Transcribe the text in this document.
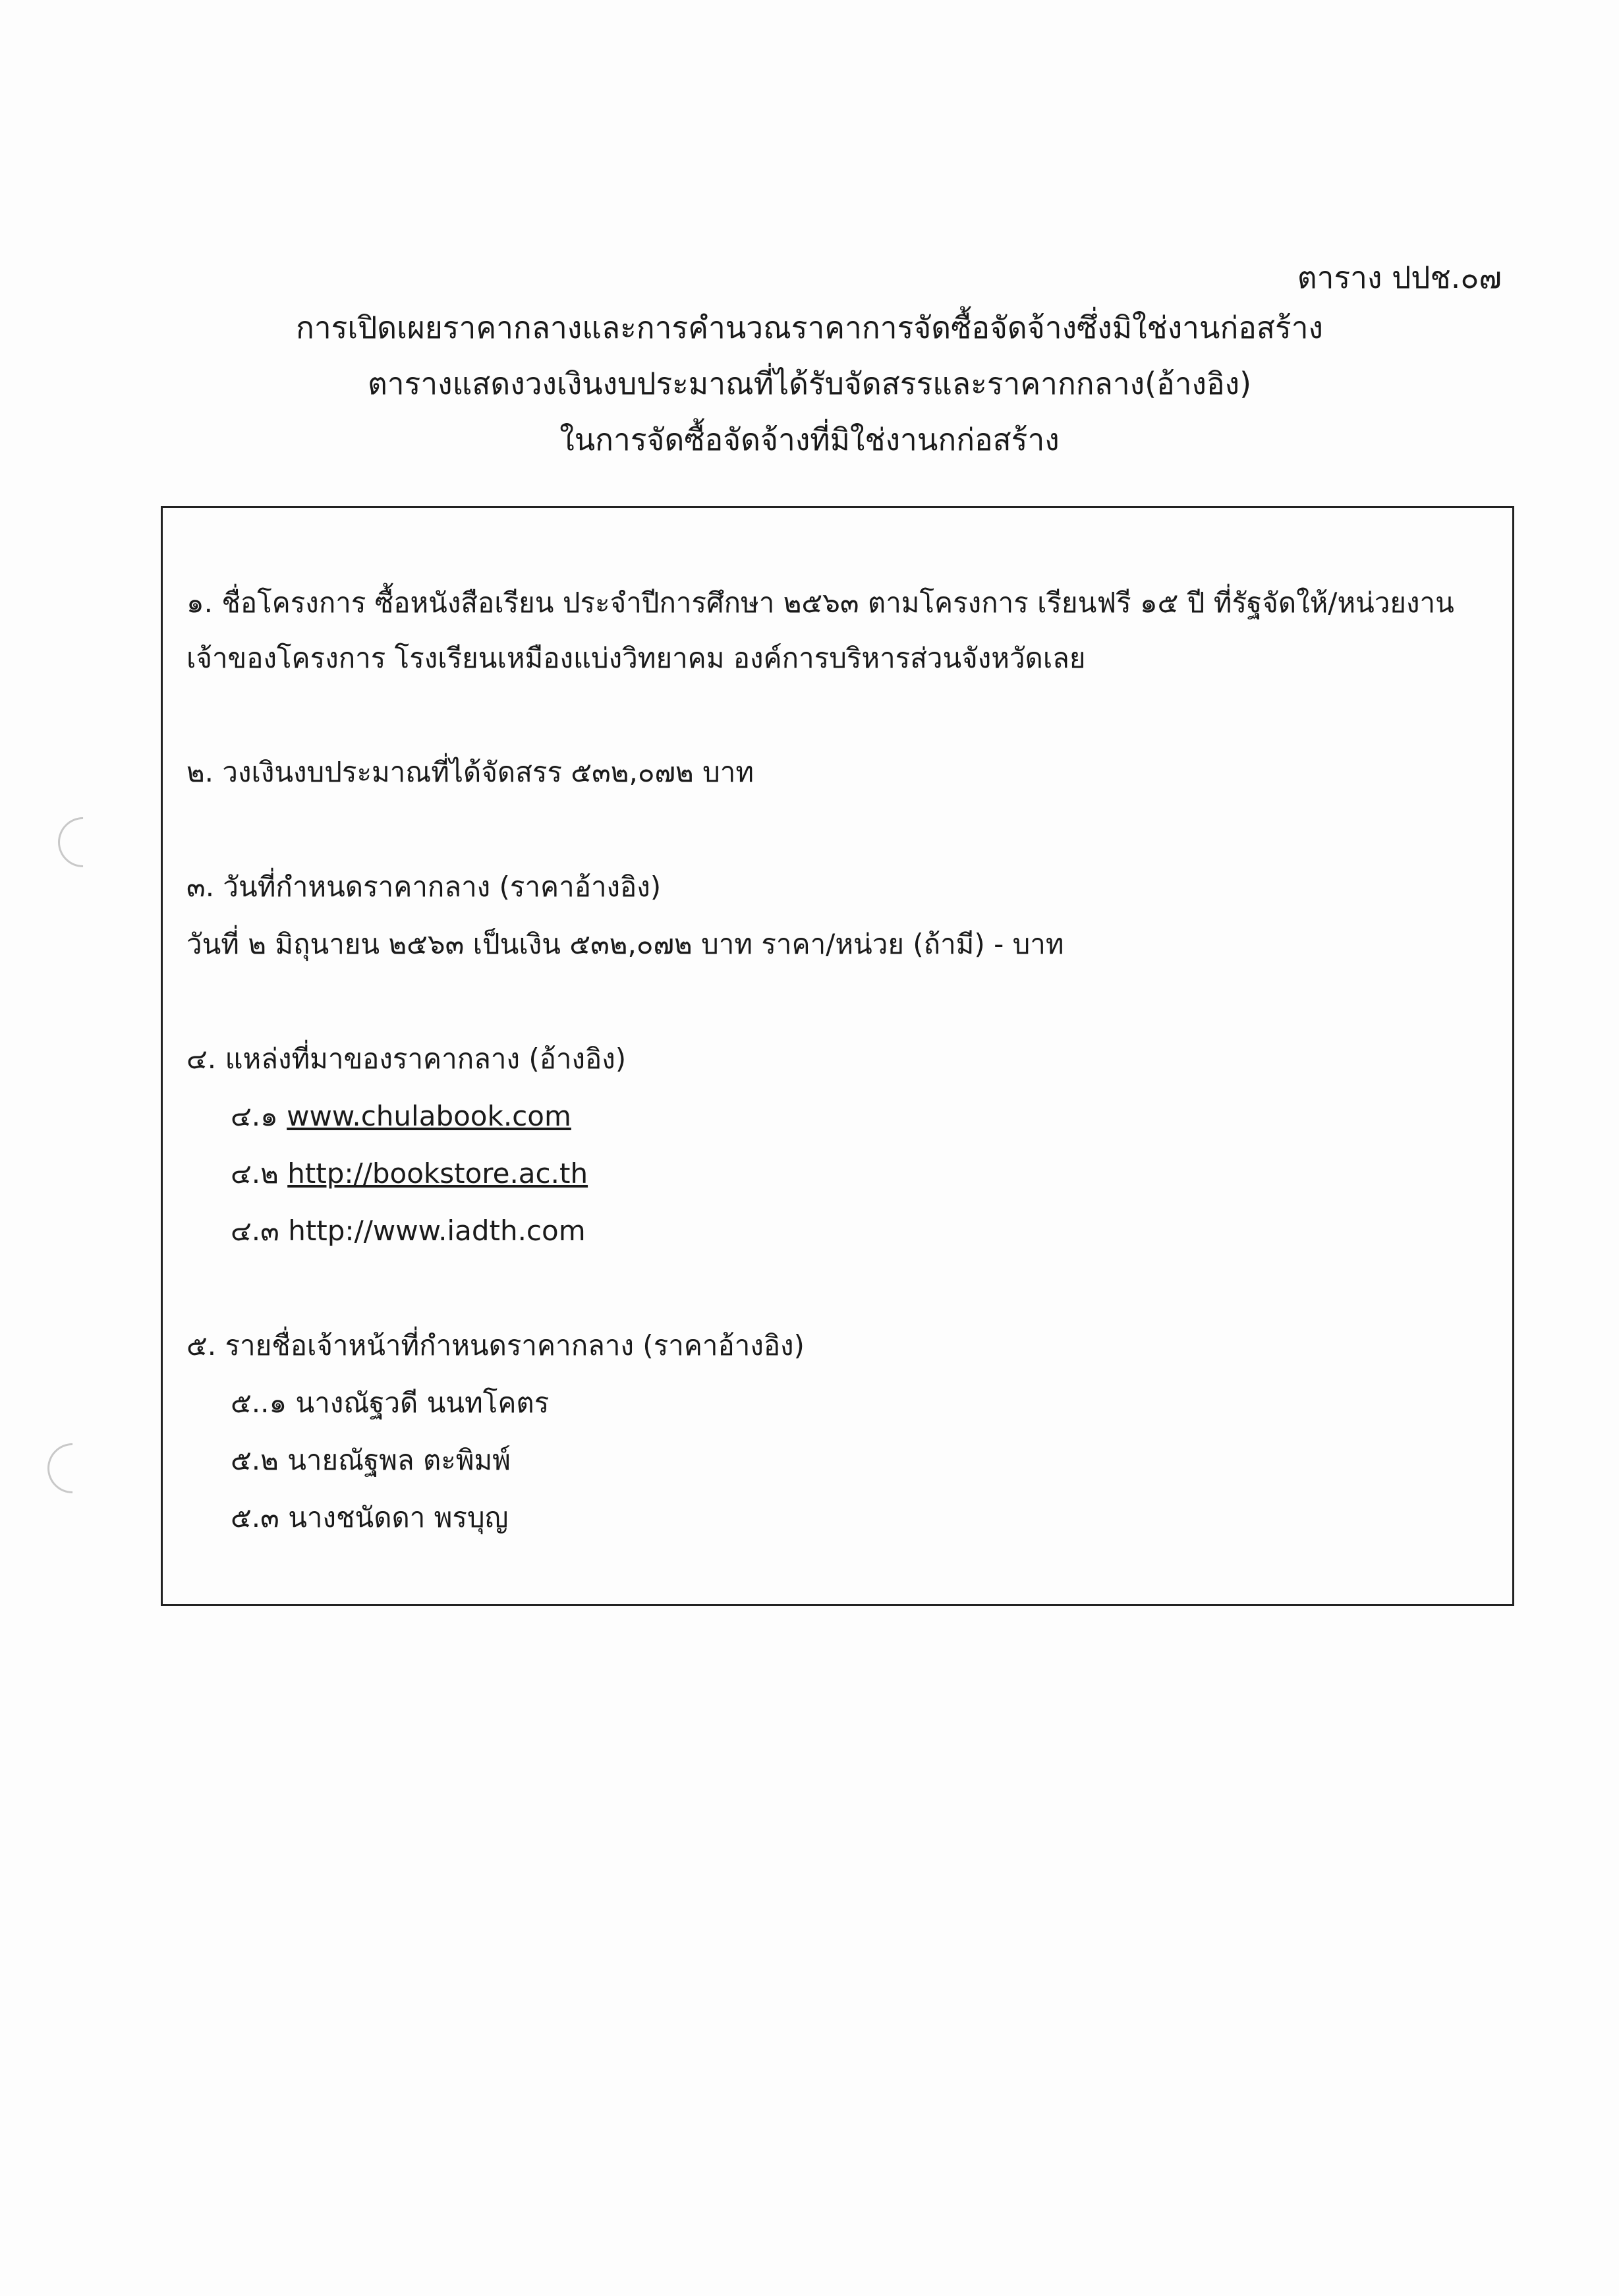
ตาราง ปปช.๐๗
การเปิดเผยราคากลางและการคำนวณราคาการจัดซื้อจัดจ้างซึ่งมิใช่งานก่อสร้าง
ตารางแสดงวงเงินงบประมาณที่ได้รับจัดสรรและราคากกลาง(อ้างอิง)
ในการจัดซื้อจัดจ้างที่มิใช่งานกก่อสร้าง
๑. ชื่อโครงการ ซื้อหนังสือเรียน ประจำปีการศึกษา ๒๕๖๓ ตามโครงการ เรียนฟรี ๑๕ ปี ที่รัฐจัดให้/หน่วยงาน
เจ้าของโครงการ โรงเรียนเหมืองแบ่งวิทยาคม องค์การบริหารส่วนจังหวัดเลย
๒. วงเงินงบประมาณที่ได้จัดสรร ๕๓๒,๐๗๒ บาท
๓. วันที่กำหนดราคากลาง (ราคาอ้างอิง)
วันที่ ๒ มิถุนายน ๒๕๖๓ เป็นเงิน ๕๓๒,๐๗๒ บาท ราคา/หน่วย (ถ้ามี) - บาท
๔. แหล่งที่มาของราคากลาง (อ้างอิง)
๔.๑ www.chulabook.com
๔.๒ http://bookstore.ac.th
๔.๓ http://www.iadth.com
๕. รายชื่อเจ้าหน้าที่กำหนดราคากลาง (ราคาอ้างอิง)
๕..๑ นางณัฐวดี นนทโคตร
๕.๒ นายณัฐพล ตะพิมพ์
๕.๓ นางชนัดดา พรบุญ
